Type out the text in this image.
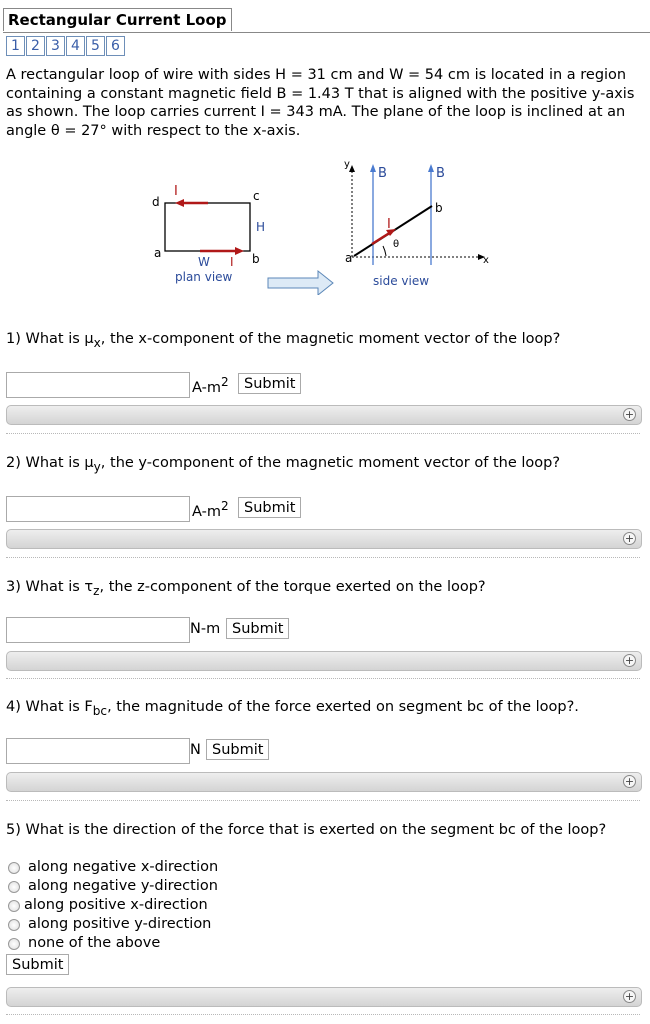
Rectangular Current Loop
1 2 3 4 5 6
A rectangular loop of wire with sides H = 31 cm and W = 54 cm is located in a region containing a constant magnetic field B = 1.43 T that is aligned with the positive y-axis as shown. The loop carries current I = 343 mA. The plane of the loop is inclined at an angle θ = 27° with respect to the x-axis.
d	c
a	b
H
W
I
I
plan view
y
x
B	B
a
b
I
θ
side view
1) What is $\mu_x$, the x-component of the magnetic moment vector of the loop?
$A-m^2$	Submit
+
2) What is $\mu_y$, the y-component of the magnetic moment vector of the loop?
$A-m^2$	Submit
+
3) What is $\tau_z$, the z-component of the torque exerted on the loop?
N-m Submit
+
4) What is $F_{bc}$, the magnitude of the force exerted on segment bc of the loop?.
N Submit
+
5) What is the direction of the force that is exerted on the segment bc of the loop?
along negative x-direction
along negative y-direction
along positive x-direction
along positive y-direction
none of the above
Submit
+
